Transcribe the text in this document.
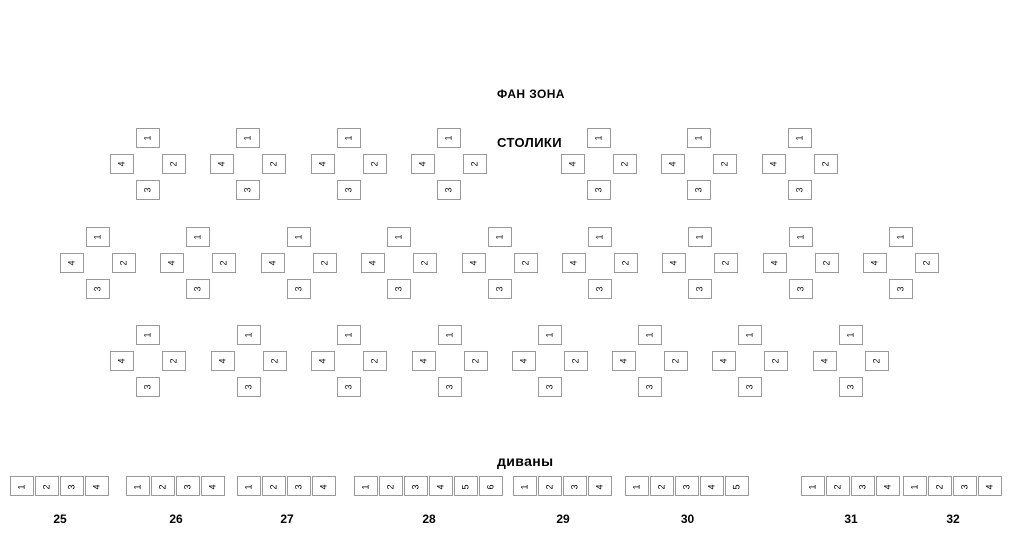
ФАН ЗОНА
СТОЛИКИ
диваны
1
4	2
3
1
4	2
3
1
4	2
3
1
4	2
3
1
4	2
3
1
4	2
3
1
4	2
3
1
4	2
3
1
4	2
3
1
4	2
3
1
4	2
3
1
4	2
3
1
4	2
3
1
4	2
3
1
4	2
3
1
4	2
3
1
4	2
3
1
4	2
3
1
4	2
3
1
4	2
3
1
4	2
3
1
4	2
3
1
4	2
3
1
4	2
3
1	2	3	4
25
1	2	3	4
26
1	2	3	4
27
1	2	3	4	5	6
28
1	2	3	4
29
1	2	3	4	5
30
1	2	3	4
31
1	2	3	4
32
